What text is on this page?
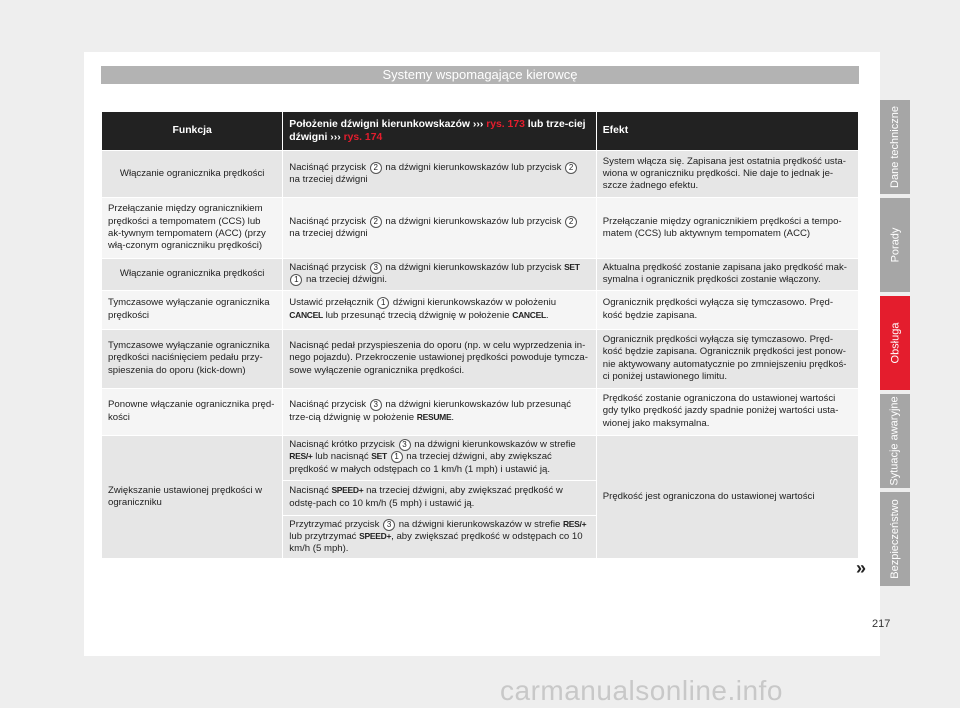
Systemy wspomagające kierowcę
Funkcja	Położenie dźwigni kierunkowskazów ››› rys. 173 lub trze-ciej dźwigni ››› rys. 174	Efekt
Włączanie ogranicznika prędkości	Naciśnąć przycisk 2 na dźwigni kierunkowskazów lub przycisk 2 na trzeciej dźwigni	System włącza się. Zapisana jest ostatnia prędkość usta-wiona w ograniczniku prędkości. Nie daje to jednak je-szcze żadnego efektu.
Przełączanie między ogranicznikiem prędkości a tempomatem (CCS) lub ak-tywnym tempomatem (ACC) (przy włą-czonym ograniczniku prędkości)	Naciśnąć przycisk 2 na dźwigni kierunkowskazów lub przycisk 2 na trzeciej dźwigni	Przełączanie między ogranicznikiem prędkości a tempo-matem (CCS) lub aktywnym tempomatem (ACC)
Włączanie ogranicznika prędkości	Naciśnąć przycisk 3 na dźwigni kierunkowskazów lub przycisk SET 1 na trzeciej dźwigni.	Aktualna prędkość zostanie zapisana jako prędkość mak-symalna i ogranicznik prędkości zostanie włączony.
Tymczasowe wyłączanie ogranicznika prędkości	Ustawić przełącznik 1 dźwigni kierunkowskazów w położeniu CANCEL lub przesunąć trzecią dźwignię w położenie CANCEL.	Ogranicznik prędkości wyłącza się tymczasowo. Pręd-kość będzie zapisana.
Tymczasowe wyłączanie ogranicznika prędkości naciśnięciem pedału przy-spieszenia do oporu (kick-down)	Nacisnąć pedał przyspieszenia do oporu (np. w celu wyprzedzenia in-nego pojazdu). Przekroczenie ustawionej prędkości powoduje tymcza-sowe wyłączenie ogranicznika prędkości.	Ogranicznik prędkości wyłącza się tymczasowo. Pręd-kość będzie zapisana. Ogranicznik prędkości jest ponow-nie aktywowany automatycznie po zmniejszeniu prędkoś-ci poniżej ustawionego limitu.
Ponowne włączanie ogranicznika pręd-kości	Naciśnąć przycisk 3 na dźwigni kierunkowskazów lub przesunąć trze-cią dźwignię w położenie RESUME.	Prędkość zostanie ograniczona do ustawionej wartości gdy tylko prędkość jazdy spadnie poniżej wartości usta-wionej jako maksymalna.
Zwiększanie ustawionej prędkości w ograniczniku	Nacisnąć krótko przycisk 3 na dźwigni kierunkowskazów w strefie RES/+ lub nacisnąć SET 1 na trzeciej dźwigni, aby zwiększać prędkość w małych odstępach co 1 km/h (1 mph) i ustawić ją.	Prędkość jest ograniczona do ustawionej wartości
	Nacisnąć SPEED+ na trzeciej dźwigni, aby zwiększać prędkość w odstę-pach co 10 km/h (5 mph) i ustawić ją.	
	Przytrzymać przycisk 3 na dźwigni kierunkowskazów w strefie RES/+ lub przytrzymać SPEED+, aby zwiększać prędkość w odstępach co 10 km/h (5 mph).	
Dane techniczne
Porady
Obsługa
Sytuacje awaryjne
Bezpieczeństwo
»
217
carmanualsonline.info
